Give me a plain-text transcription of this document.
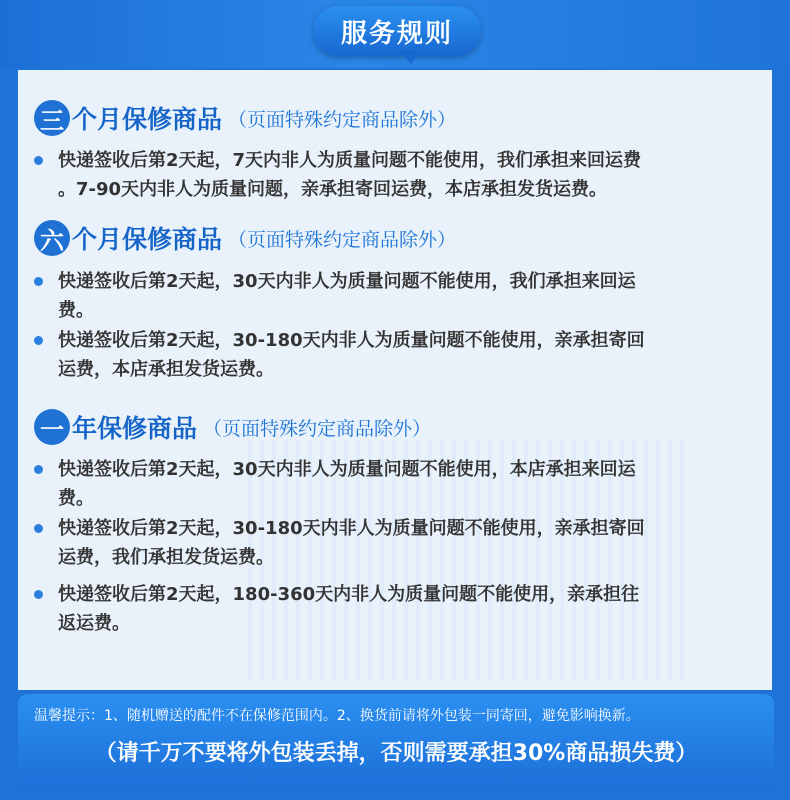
服务规则
三 个月保修商品 （页面特殊约定商品除外）
快递签收后第2天起，7天内非人为质量问题不能使用，我们承担来回运费
。7-90天内非人为质量问题，亲承担寄回运费，本店承担发货运费。
六 个月保修商品 （页面特殊约定商品除外）
快递签收后第2天起，30天内非人为质量问题不能使用，我们承担来回运
费。
快递签收后第2天起，30-180天内非人为质量问题不能使用，亲承担寄回
运费，本店承担发货运费。
一 年保修商品 （页面特殊约定商品除外）
快递签收后第2天起，30天内非人为质量问题不能使用，本店承担来回运
费。
快递签收后第2天起，30-180天内非人为质量问题不能使用，亲承担寄回
运费，我们承担发货运费。
快递签收后第2天起，180-360天内非人为质量问题不能使用，亲承担往
返运费。
温馨提示：1、随机赠送的配件不在保修范围内。2、换货前请将外包装一同寄回，避免影响换新。
（请千万不要将外包装丢掉，否则需要承担30%商品损失费）
